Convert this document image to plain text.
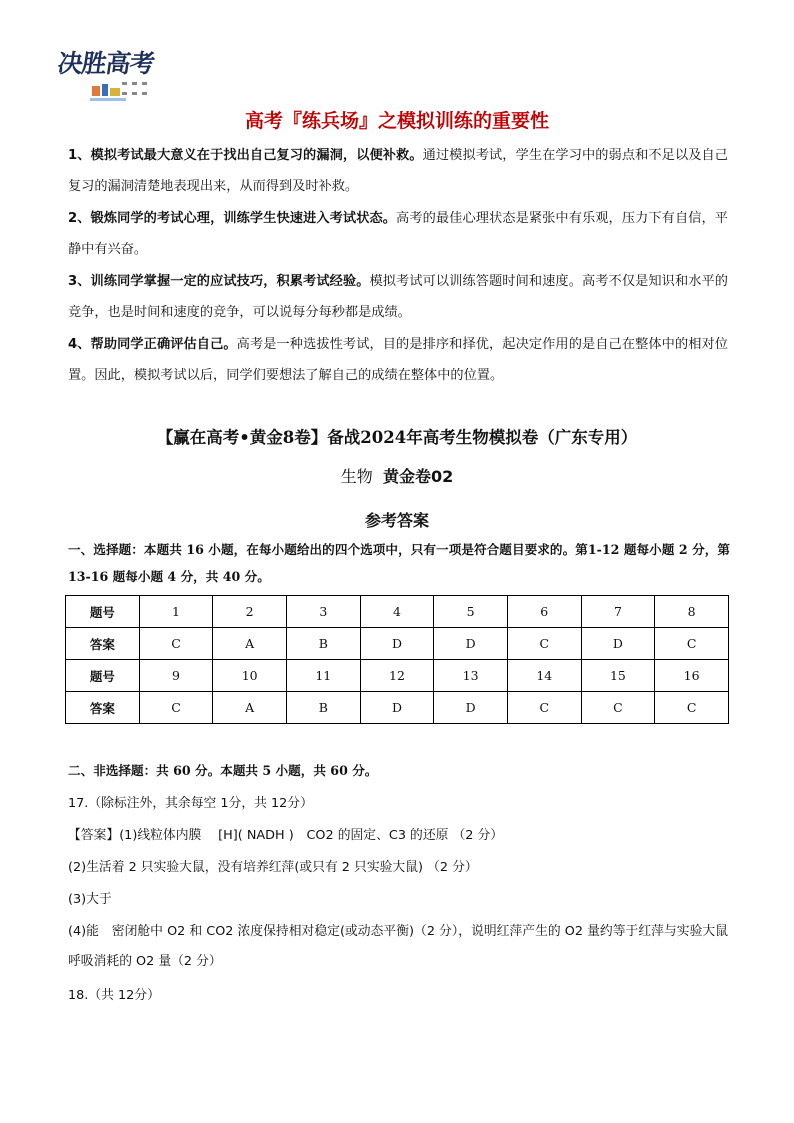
决胜高考
高考『练兵场』之模拟训练的重要性
1、模拟考试最大意义在于找出自己复习的漏洞，以便补救。通过模拟考试，学生在学习中的弱点和不足以及自己复习的漏洞清楚地表现出来，从而得到及时补救。
2、锻炼同学的考试心理，训练学生快速进入考试状态。高考的最佳心理状态是紧张中有乐观，压力下有自信，平静中有兴奋。
3、训练同学掌握一定的应试技巧，积累考试经验。模拟考试可以训练答题时间和速度。高考不仅是知识和水平的竞争，也是时间和速度的竞争，可以说每分每秒都是成绩。
4、帮助同学正确评估自己。高考是一种选拔性考试，目的是排序和择优，起决定作用的是自己在整体中的相对位置。因此，模拟考试以后，同学们要想法了解自己的成绩在整体中的位置。
【赢在高考•黄金8卷】备战2024年高考生物模拟卷（广东专用）
生物 黄金卷02
参考答案
一、选择题：本题共 16 小题，在每小题给出的四个选项中，只有一项是符合题目要求的。第1-12 题每小题 2 分，第 13-16 题每小题 4 分，共 40 分。
题号	1	2	3	4	5	6	7	8
答案	C	A	B	D	D	C	D	C
题号	9	10	11	12	13	14	15	16
答案	C	A	B	D	D	C	C	C
二、非选择题：共 60 分。本题共 5 小题，共 60 分。
17.（除标注外，其余每空 1分，共 12分）
【答案】(1)线粒体内膜　 [H]( NADH )　CO2 的固定、C3 的还原 （2 分）
(2)生活着 2 只实验大鼠，没有培养红萍(或只有 2 只实验大鼠) （2 分）
(3)大于
(4)能　密闭舱中 O2 和 CO2 浓度保持相对稳定(或动态平衡)（2 分），说明红萍产生的 O2 量约等于红萍与实验大鼠呼吸消耗的 O2 量（2 分）
18.（共 12分）
